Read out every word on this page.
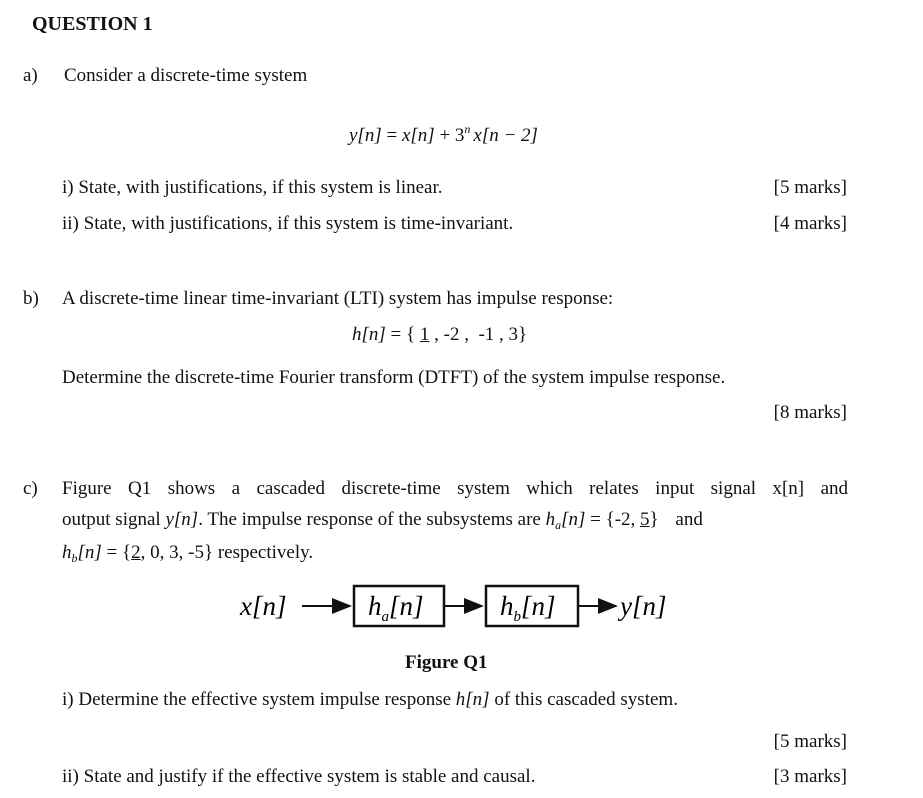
QUESTION 1
a) Consider a discrete-time system
$y[n] = x[n] + 3^n$ x[n − 2]
i) State, with justifications, if this system is linear.	[5 marks]
ii) State, with justifications, if this system is time-invariant.	[4 marks]
b) A discrete-time linear time-invariant (LTI) system has impulse response:
h[n] = { 1 , -2 ,  -1 , 3}
Determine the discrete-time Fourier transform (DTFT) of the system impulse response.
[8 marks]
c) Figure Q1 shows a cascaded discrete-time system which relates input signal x[n] and
output signal y[n]. The impulse response of the subsystems are $h_a[n] = \{-2$, 5} and
$h_b[n] = \{2$, 0, 3, -5} respectively.
x[n]	$h_a[n]$	$h_b[n]$ y[n]
Figure Q1
i) Determine the effective system impulse response h[n] of this cascaded system.
[5 marks]
ii) State and justify if the effective system is stable and causal.	[3 marks]
